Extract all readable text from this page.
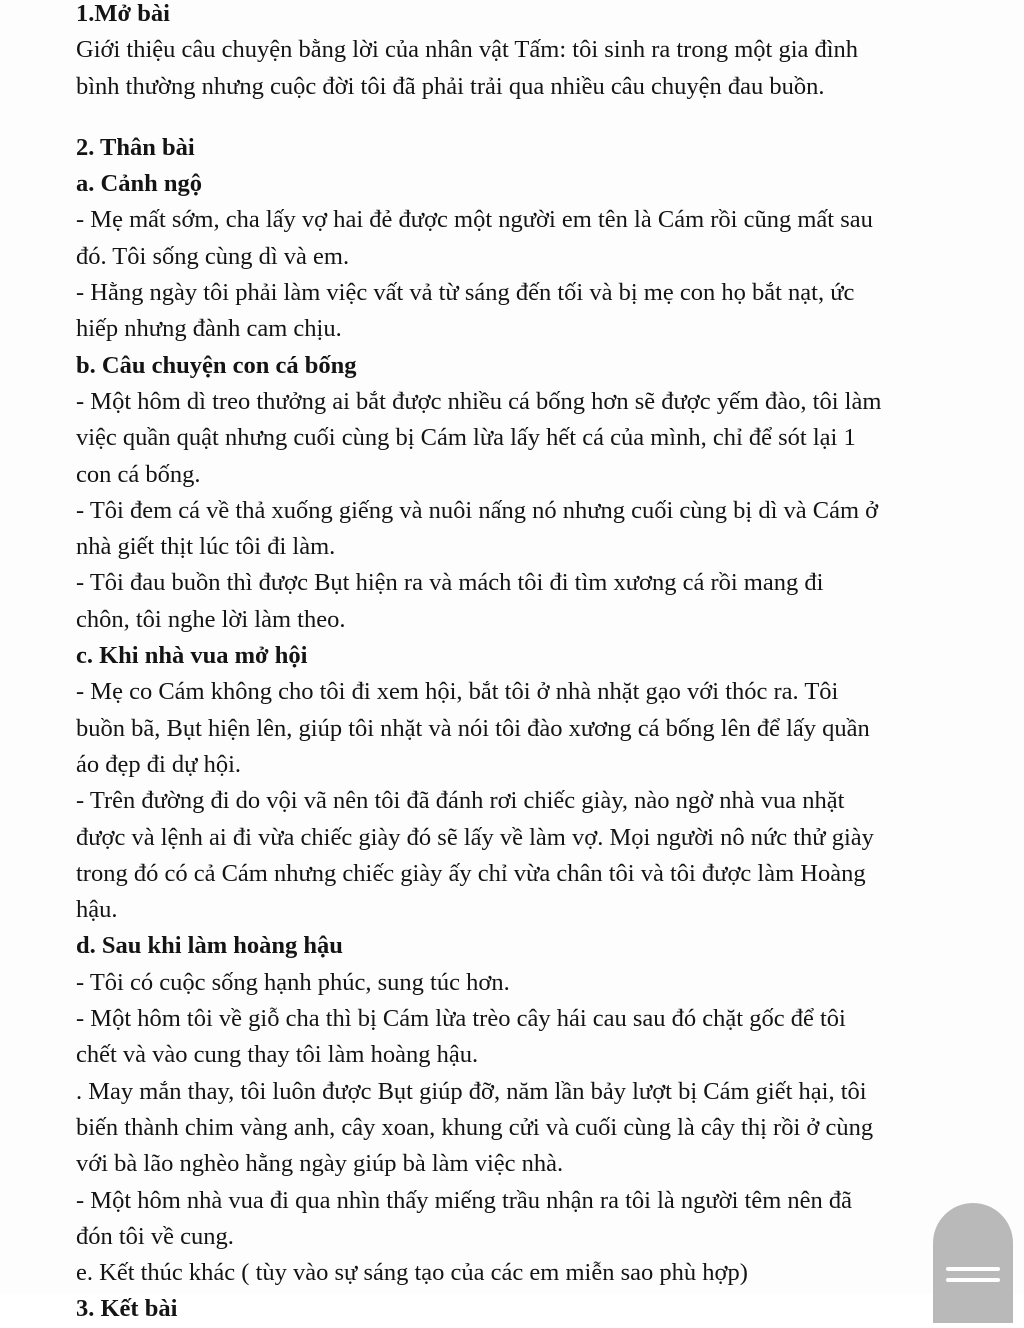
1.Mở bài
Giới thiệu câu chuyện bằng lời của nhân vật Tấm: tôi sinh ra trong một gia đình
bình thường nhưng cuộc đời tôi đã phải trải qua nhiều câu chuyện đau buồn.
2. Thân bài
a. Cảnh ngộ
- Mẹ mất sớm, cha lấy vợ hai đẻ được một người em tên là Cám rồi cũng mất sau
đó. Tôi sống cùng dì và em.
- Hằng ngày tôi phải làm việc vất vả từ sáng đến tối và bị mẹ con họ bắt nạt, ức
hiếp nhưng đành cam chịu.
b. Câu chuyện con cá bống
- Một hôm dì treo thưởng ai bắt được nhiều cá bống hơn sẽ được yếm đào, tôi làm
việc quần quật nhưng cuối cùng bị Cám lừa lấy hết cá của mình, chỉ để sót lại 1
con cá bống.
- Tôi đem cá về thả xuống giếng và nuôi nấng nó nhưng cuối cùng bị dì và Cám ở
nhà giết thịt lúc tôi đi làm.
- Tôi đau buồn thì được Bụt hiện ra và mách tôi đi tìm xương cá rồi mang đi
chôn, tôi nghe lời làm theo.
c. Khi nhà vua mở hội
- Mẹ co Cám không cho tôi đi xem hội, bắt tôi ở nhà nhặt gạo với thóc ra. Tôi
buồn bã, Bụt hiện lên, giúp tôi nhặt và nói tôi đào xương cá bống lên để lấy quần
áo đẹp đi dự hội.
- Trên đường đi do vội vã nên tôi đã đánh rơi chiếc giày, nào ngờ nhà vua nhặt
được và lệnh ai đi vừa chiếc giày đó sẽ lấy về làm vợ. Mọi người nô nức thử giày
trong đó có cả Cám nhưng chiếc giày ấy chỉ vừa chân tôi và tôi được làm Hoàng
hậu.
d. Sau khi làm hoàng hậu
- Tôi có cuộc sống hạnh phúc, sung túc hơn.
- Một hôm tôi về giỗ cha thì bị Cám lừa trèo cây hái cau sau đó chặt gốc để tôi
chết và vào cung thay tôi làm hoàng hậu.
. May mắn thay, tôi luôn được Bụt giúp đỡ, năm lần bảy lượt bị Cám giết hại, tôi
biến thành chim vàng anh, cây xoan, khung cửi và cuối cùng là cây thị rồi ở cùng
với bà lão nghèo hằng ngày giúp bà làm việc nhà.
- Một hôm nhà vua đi qua nhìn thấy miếng trầu nhận ra tôi là người têm nên đã
đón tôi về cung.
e. Kết thúc khác ( tùy vào sự sáng tạo của các em miễn sao phù hợp)
3. Kết bài
